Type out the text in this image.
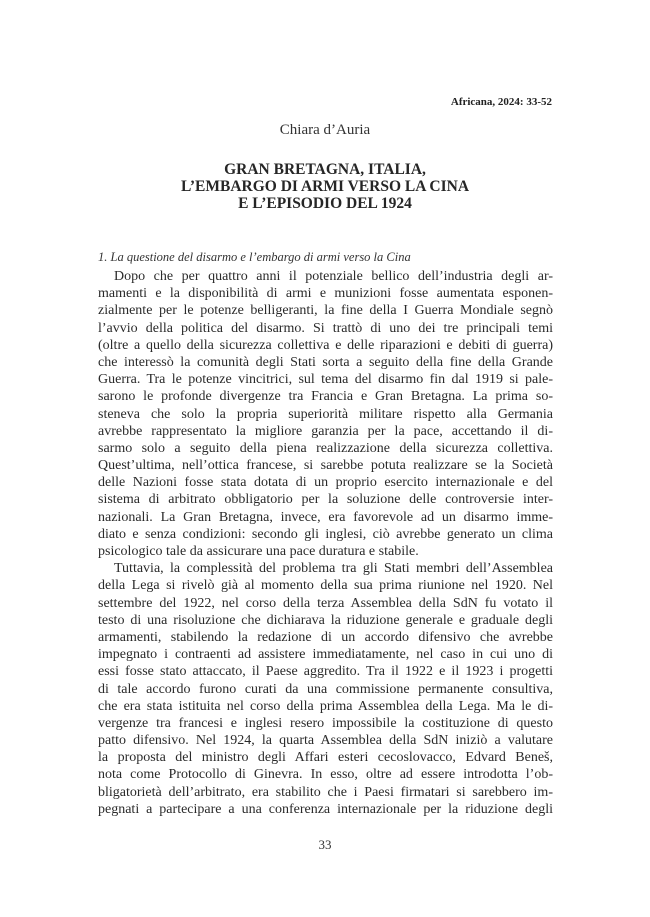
Africana, 2024: 33-52
Chiara d’Auria
GRAN BRETAGNA, ITALIA,
L’EMBARGO DI ARMI VERSO LA CINA
E L’EPISODIO DEL 1924
1. La questione del disarmo e l’embargo di armi verso la Cina
Dopo che per quattro anni il potenziale bellico dell’industria degli ar-
mamenti e la disponibilità di armi e munizioni fosse aumentata esponen-
zialmente per le potenze belligeranti, la fine della I Guerra Mondiale segnò
l’avvio della politica del disarmo. Si trattò di uno dei tre principali temi
(oltre a quello della sicurezza collettiva e delle riparazioni e debiti di guerra)
che interessò la comunità degli Stati sorta a seguito della fine della Grande
Guerra. Tra le potenze vincitrici, sul tema del disarmo fin dal 1919 si pale-
sarono le profonde divergenze tra Francia e Gran Bretagna. La prima so-
steneva che solo la propria superiorità militare rispetto alla Germania
avrebbe rappresentato la migliore garanzia per la pace, accettando il di-
sarmo solo a seguito della piena realizzazione della sicurezza collettiva.
Quest’ultima, nell’ottica francese, si sarebbe potuta realizzare se la Società
delle Nazioni fosse stata dotata di un proprio esercito internazionale e del
sistema di arbitrato obbligatorio per la soluzione delle controversie inter-
nazionali. La Gran Bretagna, invece, era favorevole ad un disarmo imme-
diato e senza condizioni: secondo gli inglesi, ciò avrebbe generato un clima
psicologico tale da assicurare una pace duratura e stabile.
Tuttavia, la complessità del problema tra gli Stati membri dell’Assemblea
della Lega si rivelò già al momento della sua prima riunione nel 1920. Nel
settembre del 1922, nel corso della terza Assemblea della SdN fu votato il
testo di una risoluzione che dichiarava la riduzione generale e graduale degli
armamenti, stabilendo la redazione di un accordo difensivo che avrebbe
impegnato i contraenti ad assistere immediatamente, nel caso in cui uno di
essi fosse stato attaccato, il Paese aggredito. Tra il 1922 e il 1923 i progetti
di tale accordo furono curati da una commissione permanente consultiva,
che era stata istituita nel corso della prima Assemblea della Lega. Ma le di-
vergenze tra francesi e inglesi resero impossibile la costituzione di questo
patto difensivo. Nel 1924, la quarta Assemblea della SdN iniziò a valutare
la proposta del ministro degli Affari esteri cecoslovacco, Edvard Beneš,
nota come Protocollo di Ginevra. In esso, oltre ad essere introdotta l’ob-
bligatorietà dell’arbitrato, era stabilito che i Paesi firmatari si sarebbero im-
pegnati a partecipare a una conferenza internazionale per la riduzione degli
33
